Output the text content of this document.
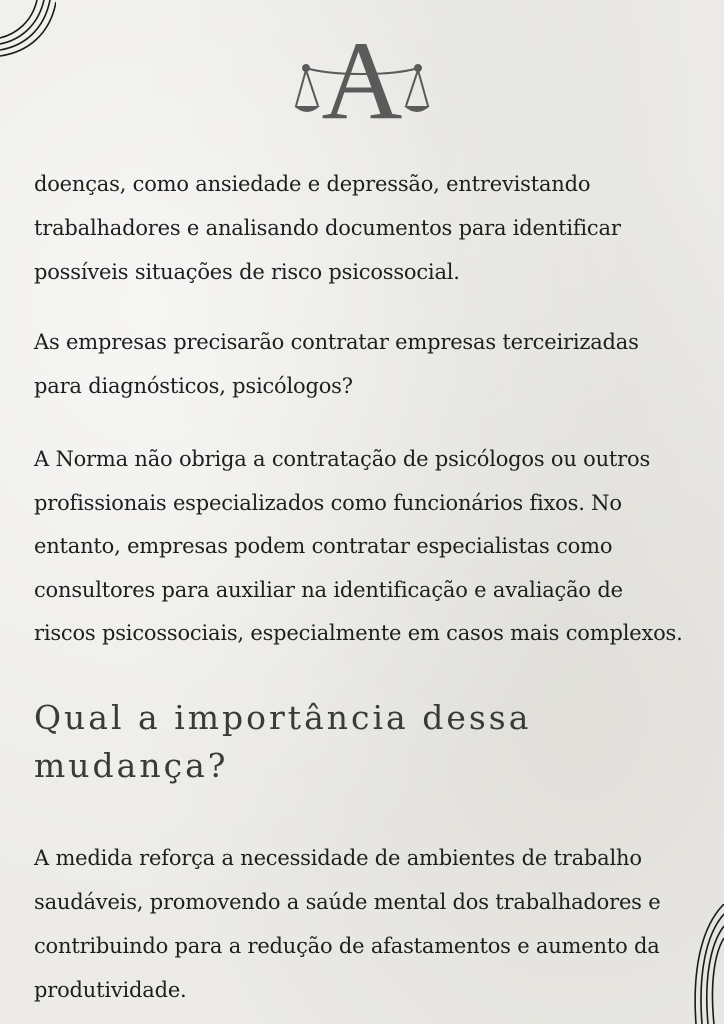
A

doenças, como ansiedade e depressão, entrevistando trabalhadores e analisando documentos para identificar possíveis situações de risco psicossocial.

As empresas precisarão contratar empresas terceirizadas para diagnósticos, psicólogos?

A Norma não obriga a contratação de psicólogos ou outros profissionais especializados como funcionários fixos. No entanto, empresas podem contratar especialistas como consultores para auxiliar na identificação e avaliação de riscos psicossociais, especialmente em casos mais complexos.

Qual a importância dessa mudança?

A medida reforça a necessidade de ambientes de trabalho saudáveis, promovendo a saúde mental dos trabalhadores e contribuindo para a redução de afastamentos e aumento da produtividade.
